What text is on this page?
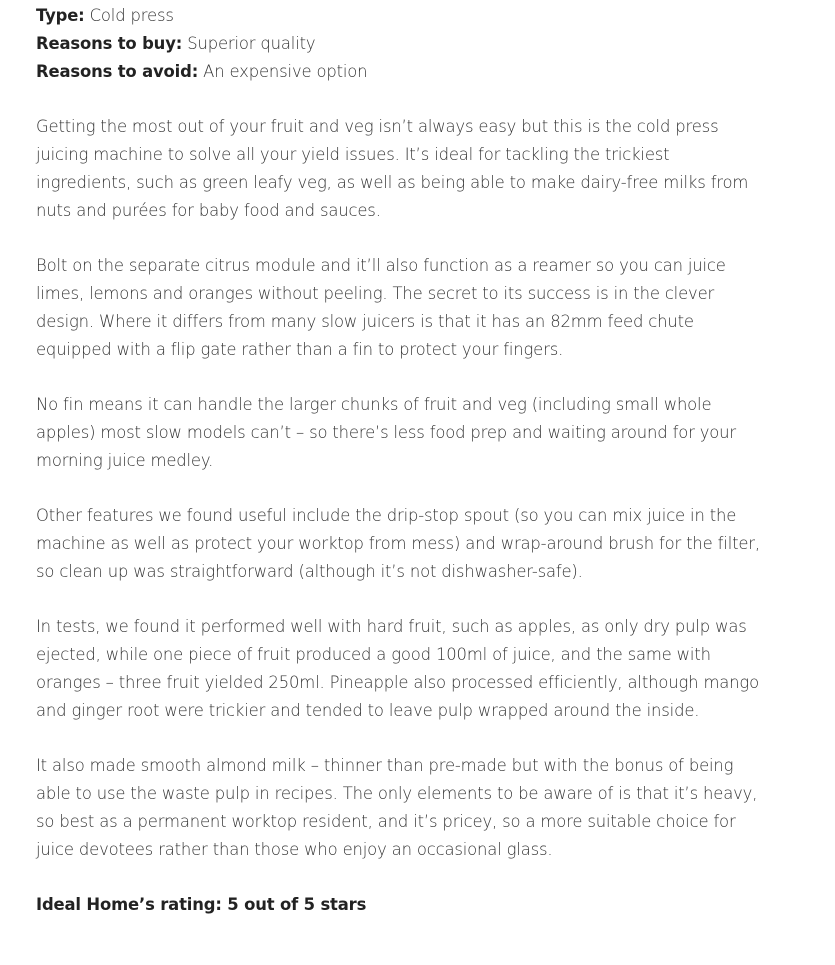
Type: Cold press

Reasons to buy: Superior quality

Reasons to avoid: An expensive option

Getting the most out of your fruit and veg isn’t always easy but this is the cold press juicing machine to solve all your yield issues. It’s ideal for tackling the trickiest ingredients, such as green leafy veg, as well as being able to make dairy-free milks from nuts and purées for baby food and sauces.

Bolt on the separate citrus module and it’ll also function as a reamer so you can juice limes, lemons and oranges without peeling. The secret to its success is in the clever design. Where it differs from many slow juicers is that it has an 82mm feed chute equipped with a flip gate rather than a fin to protect your fingers.

No fin means it can handle the larger chunks of fruit and veg (including small whole apples) most slow models can’t – so there’s less food prep and waiting around for your morning juice medley.

Other features we found useful include the drip-stop spout (so you can mix juice in the machine as well as protect your worktop from mess) and wrap-around brush for the filter, so clean up was straightforward (although it’s not dishwasher-safe).

In tests, we found it performed well with hard fruit, such as apples, as only dry pulp was ejected, while one piece of fruit produced a good 100ml of juice, and the same with oranges – three fruit yielded 250ml. Pineapple also processed efficiently, although mango and ginger root were trickier and tended to leave pulp wrapped around the inside.

It also made smooth almond milk – thinner than pre-made but with the bonus of being able to use the waste pulp in recipes. The only elements to be aware of is that it’s heavy, so best as a permanent worktop resident, and it’s pricey, so a more suitable choice for juice devotees rather than those who enjoy an occasional glass.

Ideal Home’s rating: 5 out of 5 stars
